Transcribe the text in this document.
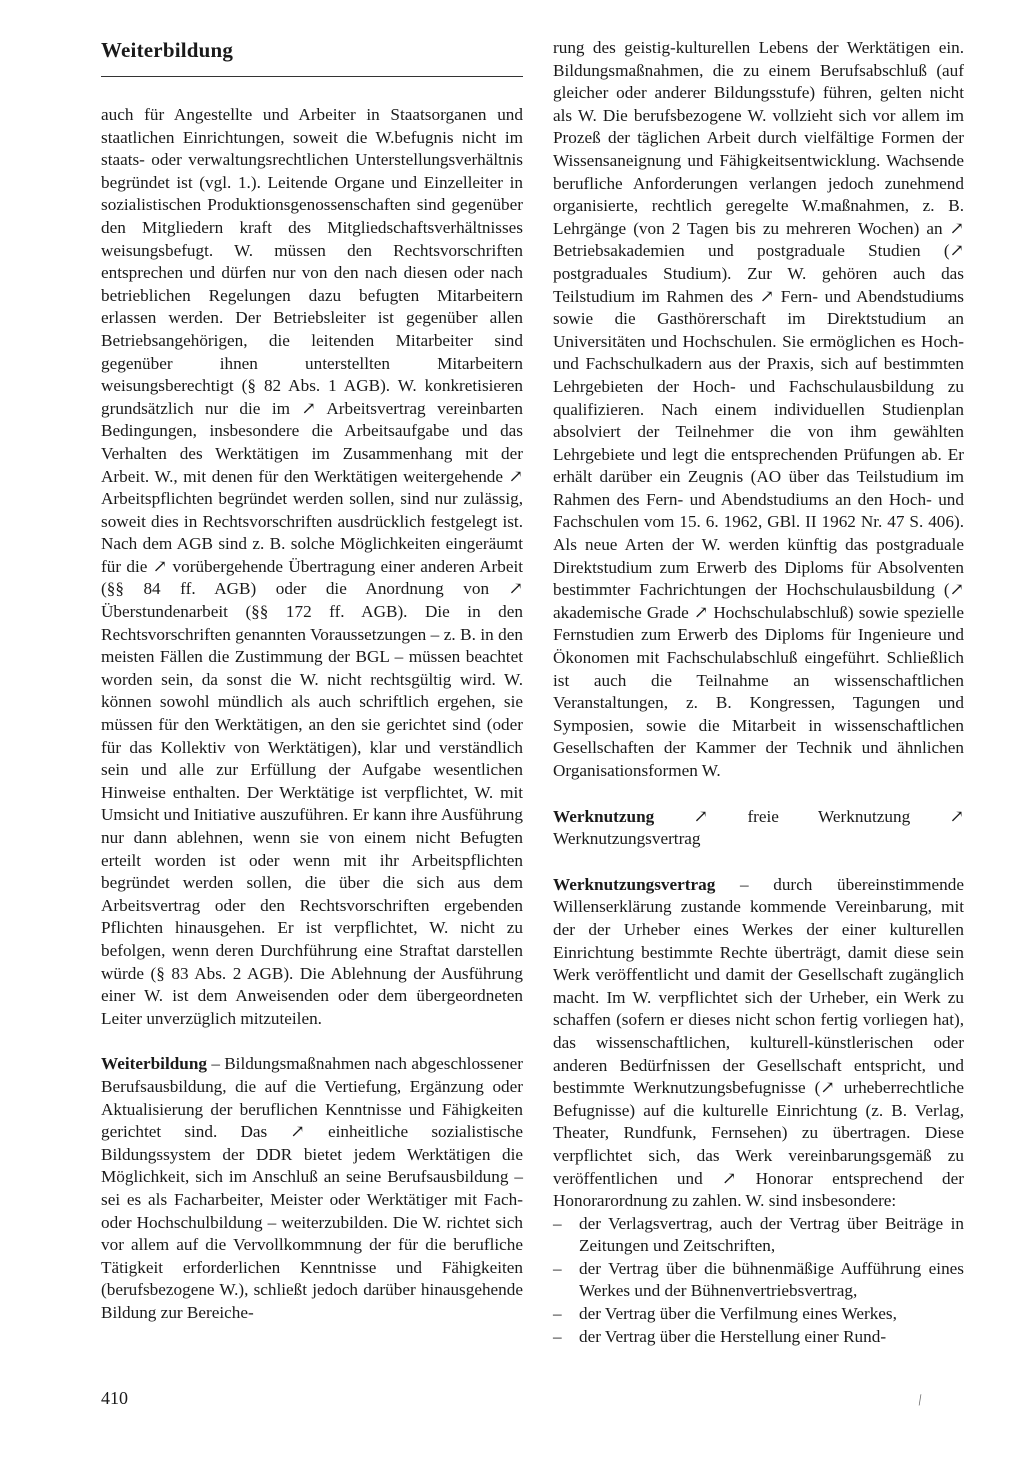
Weiterbildung

auch für Angestellte und Arbeiter in Staatsorganen und staatlichen Einrichtungen, soweit die W.befugnis nicht im staats- oder verwaltungsrechtlichen Unterstellungsverhältnis begründet ist (vgl. 1.). Leitende Organe und Einzelleiter in sozialistischen Produktionsgenossenschaften sind gegenüber den Mitgliedern kraft des Mitgliedschaftsverhältnisses weisungsbefugt. W. müssen den Rechtsvorschriften entsprechen und dürfen nur von den nach diesen oder nach betrieblichen Regelungen dazu befugten Mitarbeitern erlassen werden. Der Betriebsleiter ist gegenüber allen Betriebsangehörigen, die leitenden Mitarbeiter sind gegenüber ihnen unterstellten Mitarbeitern weisungsberechtigt (§ 82 Abs. 1 AGB). W. konkretisieren grundsätzlich nur die im ↗ Arbeitsvertrag vereinbarten Bedingungen, insbesondere die Arbeitsaufgabe und das Verhalten des Werktätigen im Zusammenhang mit der Arbeit. W., mit denen für den Werktätigen weitergehende ↗ Arbeitspflichten begründet werden sollen, sind nur zulässig, soweit dies in Rechtsvorschriften ausdrücklich festgelegt ist. Nach dem AGB sind z. B. solche Möglichkeiten eingeräumt für die ↗ vorübergehende Übertragung einer anderen Arbeit (§§ 84 ff. AGB) oder die Anordnung von ↗ Überstundenarbeit (§§ 172 ff. AGB). Die in den Rechtsvorschriften genannten Voraussetzungen – z. B. in den meisten Fällen die Zustimmung der BGL – müssen beachtet worden sein, da sonst die W. nicht rechtsgültig wird. W. können sowohl mündlich als auch schriftlich ergehen, sie müssen für den Werktätigen, an den sie gerichtet sind (oder für das Kollektiv von Werktätigen), klar und verständlich sein und alle zur Erfüllung der Aufgabe wesentlichen Hinweise enthalten. Der Werktätige ist verpflichtet, W. mit Umsicht und Initiative auszuführen. Er kann ihre Ausführung nur dann ablehnen, wenn sie von einem nicht Befugten erteilt worden ist oder wenn mit ihr Arbeitspflichten begründet werden sollen, die über die sich aus dem Arbeitsvertrag oder den Rechtsvorschriften ergebenden Pflichten hinausgehen. Er ist verpflichtet, W. nicht zu befolgen, wenn deren Durchführung eine Straftat darstellen würde (§ 83 Abs. 2 AGB). Die Ablehnung der Ausführung einer W. ist dem Anweisenden oder dem übergeordneten Leiter unverzüglich mitzuteilen.

Weiterbildung – Bildungsmaßnahmen nach abgeschlossener Berufsausbildung, die auf die Vertiefung, Ergänzung oder Aktualisierung der beruflichen Kenntnisse und Fähigkeiten gerichtet sind. Das ↗ einheitliche sozialistische Bildungssystem der DDR bietet jedem Werktätigen die Möglichkeit, sich im Anschluß an seine Berufsausbildung – sei es als Facharbeiter, Meister oder Werktätiger mit Fach- oder Hochschulbildung – weiterzubilden. Die W. richtet sich vor allem auf die Vervollkommnung der für die berufliche Tätigkeit erforderlichen Kenntnisse und Fähigkeiten (berufsbezogene W.), schließt jedoch darüber hinausgehende Bildung zur Bereiche-

rung des geistig-kulturellen Lebens der Werktätigen ein. Bildungsmaßnahmen, die zu einem Berufsabschluß (auf gleicher oder anderer Bildungsstufe) führen, gelten nicht als W. Die berufsbezogene W. vollzieht sich vor allem im Prozeß der täglichen Arbeit durch vielfältige Formen der Wissensaneignung und Fähigkeitsentwicklung. Wachsende berufliche Anforderungen verlangen jedoch zunehmend organisierte, rechtlich geregelte W.maßnahmen, z. B. Lehrgänge (von 2 Tagen bis zu mehreren Wochen) an ↗ Betriebsakademien und postgraduale Studien (↗ postgraduales Studium). Zur W. gehören auch das Teilstudium im Rahmen des ↗ Fern- und Abendstudiums sowie die Gasthörerschaft im Direktstudium an Universitäten und Hochschulen. Sie ermöglichen es Hoch- und Fachschulkadern aus der Praxis, sich auf bestimmten Lehrgebieten der Hoch- und Fachschulausbildung zu qualifizieren. Nach einem individuellen Studienplan absolviert der Teilnehmer die von ihm gewählten Lehrgebiete und legt die entsprechenden Prüfungen ab. Er erhält darüber ein Zeugnis (AO über das Teilstudium im Rahmen des Fern- und Abendstudiums an den Hoch- und Fachschulen vom 15. 6. 1962, GBl. II 1962 Nr. 47 S. 406). Als neue Arten der W. werden künftig das postgraduale Direktstudium zum Erwerb des Diploms für Absolventen bestimmter Fachrichtungen der Hochschulausbildung (↗ akademische Grade ↗ Hochschulabschluß) sowie spezielle Fernstudien zum Erwerb des Diploms für Ingenieure und Ökonomen mit Fachschulabschluß eingeführt. Schließlich ist auch die Teilnahme an wissenschaftlichen Veranstaltungen, z. B. Kongressen, Tagungen und Symposien, sowie die Mitarbeit in wissenschaftlichen Gesellschaften der Kammer der Technik und ähnlichen Organisationsformen W.

Werknutzung ↗ freie Werknutzung ↗ Werknutzungsvertrag

Werknutzungsvertrag – durch übereinstimmende Willenserklärung zustande kommende Vereinbarung, mit der der Urheber eines Werkes der einer kulturellen Einrichtung bestimmte Rechte überträgt, damit diese sein Werk veröffentlicht und damit der Gesellschaft zugänglich macht. Im W. verpflichtet sich der Urheber, ein Werk zu schaffen (sofern er dieses nicht schon fertig vorliegen hat), das wissenschaftlichen, kulturell-künstlerischen oder anderen Bedürfnissen der Gesellschaft entspricht, und bestimmte Werknutzungsbefugnisse (↗ urheberrechtliche Befugnisse) auf die kulturelle Einrichtung (z. B. Verlag, Theater, Rundfunk, Fernsehen) zu übertragen. Diese verpflichtet sich, das Werk vereinbarungsgemäß zu veröffentlichen und ↗ Honorar entsprechend der Honorarordnung zu zahlen. W. sind insbesondere:

– der Verlagsvertrag, auch der Vertrag über Beiträge in Zeitungen und Zeitschriften,
– der Vertrag über die bühnenmäßige Aufführung eines Werkes und der Bühnenvertriebsvertrag,
– der Vertrag über die Verfilmung eines Werkes,
– der Vertrag über die Herstellung einer Rund-
410	/
